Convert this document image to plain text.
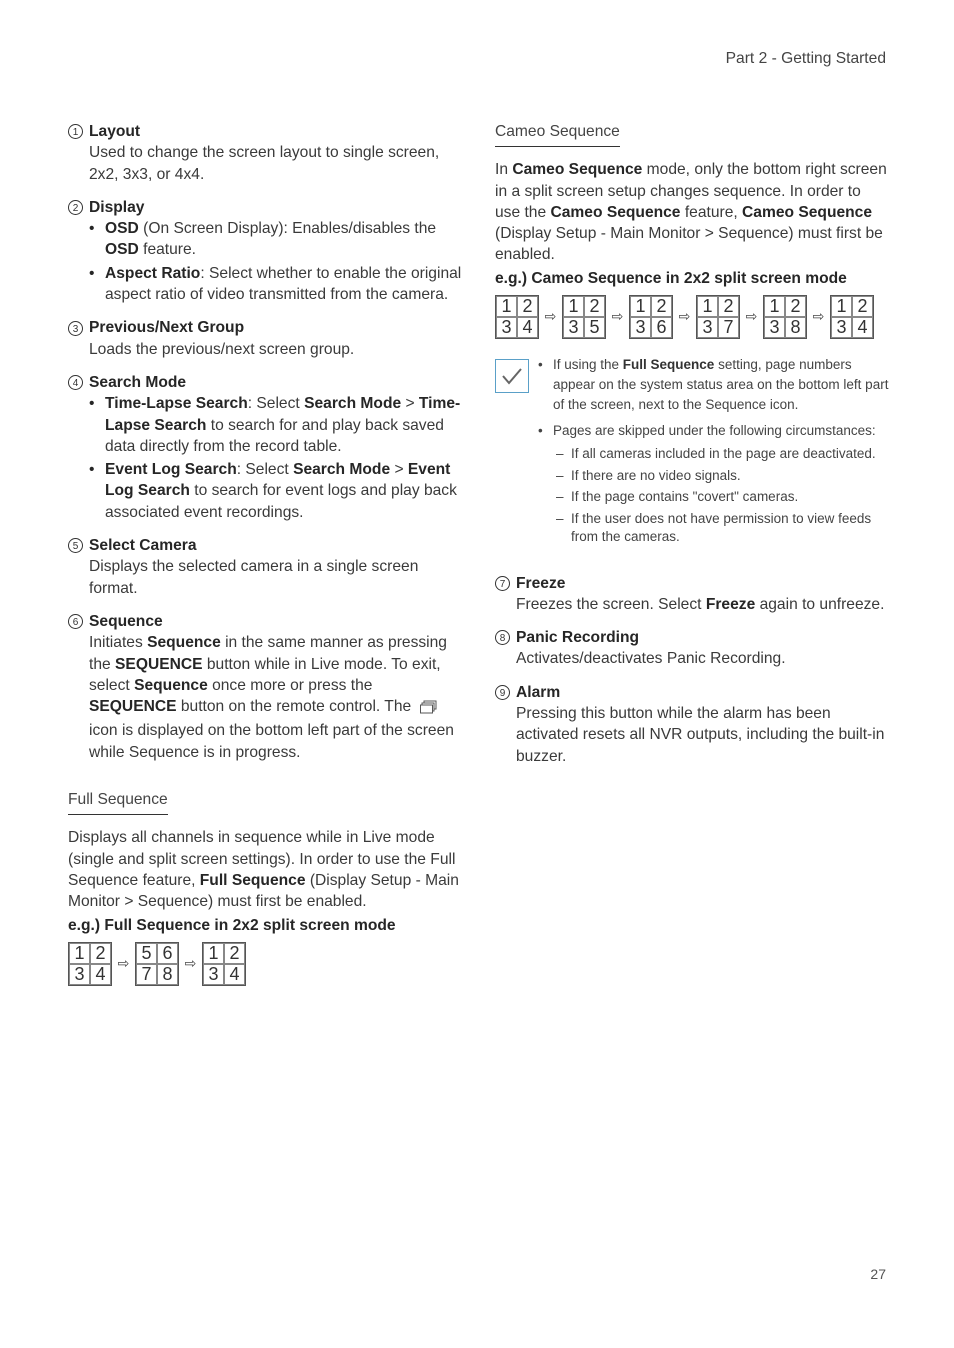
Part 2 - Getting Started
1 Layout

Used to change the screen layout to single screen, 2x2, 3x3, or 4x4.

2 Display
• OSD (On Screen Display): Enables/disables the OSD feature.
• Aspect Ratio: Select whether to enable the original aspect ratio of video transmitted from the camera.
3 Previous/Next Group

Loads the previous/next screen group.

4 Search Mode
• Time-Lapse Search: Select Search Mode > Time-Lapse Search to search for and play back saved data directly from the record table.
• Event Log Search: Select Search Mode > Event Log Search to search for event logs and play back associated event recordings.
5 Select Camera

Displays the selected camera in a single screen format.

6 Sequence

Initiates Sequence in the same manner as pressing the SEQUENCE button while in Live mode. To exit, select Sequence once more or press the SEQUENCE button on the remote control. The  icon is displayed on the bottom left part of the screen while Sequence is in progress.

Full Sequence

Displays all channels in sequence while in Live mode (single and split screen settings). In order to use the Full Sequence feature, Full Sequence (Display Setup - Main Monitor > Sequence) must first be enabled.

e.g.) Full Sequence in 2x2 split screen mode
1 2
3 4
⇨
5 6
7 8
⇨
1 2
3 4
Cameo Sequence

In Cameo Sequence mode, only the bottom right screen in a split screen setup changes sequence. In order to use the Cameo Sequence feature, Cameo Sequence (Display Setup - Main Monitor > Sequence) must first be enabled.

e.g.) Cameo Sequence in 2x2 split screen mode
1 2
3 4
⇨
1 2
3 5
⇨
1 2
3 6
⇨
1 2
3 7
⇨
1 2
3 8
⇨
1 2
3 4
• If using the Full Sequence setting, page numbers appear on the system status area on the bottom left part of the screen, next to the Sequence icon.
• Pages are skipped under the following circumstances:
– If all cameras included in the page are deactivated.
– If there are no video signals.
– If the page contains "covert" cameras.
– If the user does not have permission to view feeds from the cameras.
7 Freeze

Freezes the screen. Select Freeze again to unfreeze.

8 Panic Recording

Activates/deactivates Panic Recording.

9 Alarm

Pressing this button while the alarm has been activated resets all NVR outputs, including the built-in buzzer.

27
